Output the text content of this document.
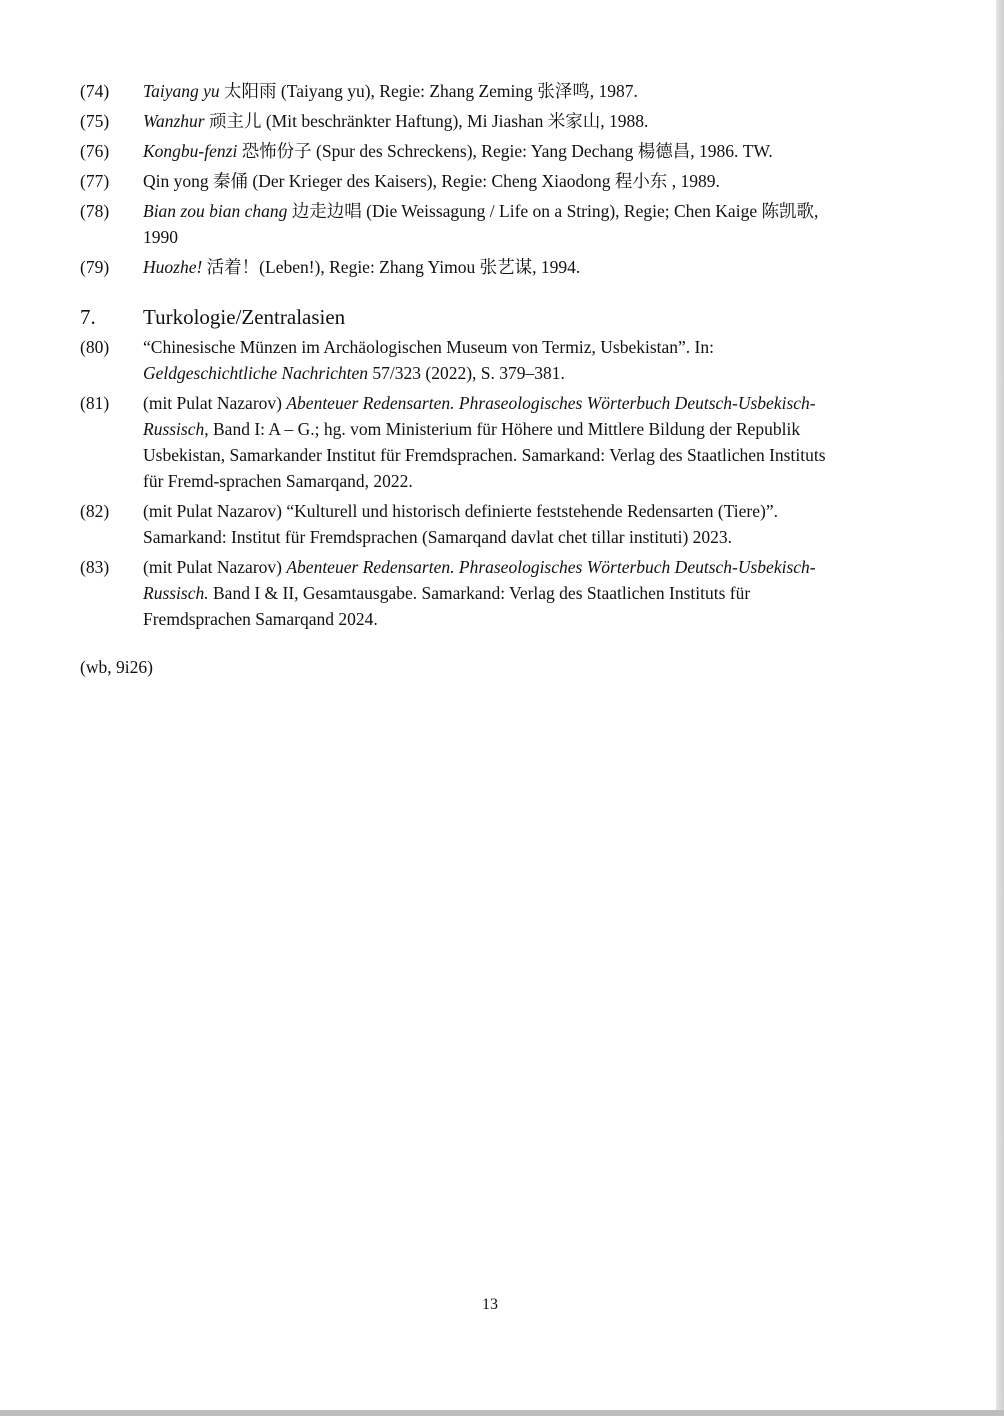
(74)	Taiyang yu 太阳雨 (Taiyang yu), Regie: Zhang Zeming 张泽鸣, 1987.
(75)	Wanzhur 顽主儿 (Mit beschränkter Haftung), Mi Jiashan 米家山, 1988.
(76)	Kongbu-fenzi 恐怖份子 (Spur des Schreckens), Regie: Yang Dechang 楊德昌, 1986. TW.
(77)	Qin yong 秦俑 (Der Krieger des Kaisers), Regie: Cheng Xiaodong 程小东 , 1989.
(78)	Bian zou bian chang 边走边唱 (Die Weissagung / Life on a String), Regie; Chen Kaige 陈凯歌, 1990
(79)	Huozhe! 活着！(Leben!), Regie: Zhang Yimou 张艺谋, 1994.
7.	Turkologie/Zentralasien
(80)	“Chinesische Münzen im Archäologischen Museum von Termiz, Usbekistan”. In: Geldgeschichtliche Nachrichten 57/323 (2022), S. 379–381.
(81)	(mit Pulat Nazarov) Abenteuer Redensarten. Phraseologisches Wörterbuch Deutsch-Usbekisch-Russisch, Band I: A – G.; hg. vom Ministerium für Höhere und Mittlere Bildung der Republik Usbekistan, Samarkander Institut für Fremdsprachen. Samarkand: Verlag des Staatlichen Instituts für Fremd-sprachen Samarqand, 2022.
(82)	(mit Pulat Nazarov) “Kulturell und historisch definierte feststehende Redensarten (Tiere)”. Samarkand: Institut für Fremdsprachen (Samarqand davlat chet tillar instituti) 2023.
(83)	(mit Pulat Nazarov) Abenteuer Redensarten. Phraseologisches Wörterbuch Deutsch-Usbekisch-Russisch. Band I & II, Gesamtausgabe. Samarkand: Verlag des Staatlichen Instituts für Fremdsprachen Samarqand 2024.
(wb, 9i26)
13
